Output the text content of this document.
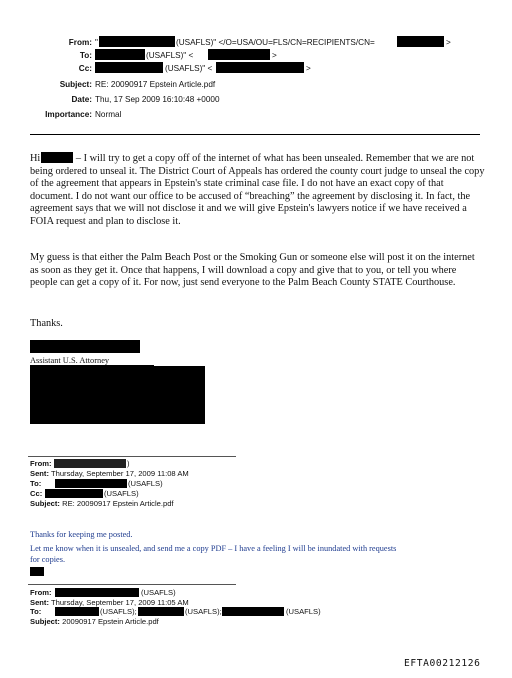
From: "	(USAFLS)" </O=USA/OU=FLS/CN=RECIPIENTS/CN=	>
To:	(USAFLS)" <	>
Cc:	(USAFLS)" <	>
Subject: RE: 20090917 Epstein Article.pdf
Date: Thu, 17 Sep 2009 16:10:48 +0000
Importance: Normal
Hi	– I will try to get a copy off of the internet of what has been unsealed. Remember that we are not being ordered to unseal it. The District Court of Appeals has ordered the county court judge to unseal the copy of the agreement that appears in Epstein's state criminal case file. I do not have an exact copy of that document. I do not want our office to be accused of “breaching” the agreement by disclosing it. In fact, the agreement says that we will not disclose it and we will give Epstein's lawyers notice if we have received a FOIA request and plan to disclose it.
My guess is that either the Palm Beach Post or the Smoking Gun or someone else will post it on the internet as soon as they get it. Once that happens, I will download a copy and give that to you, or tell you where people can get a copy of it. For now, just send everyone to the Palm Beach County STATE Courthouse.
Thanks.
Assistant U.S. Attorney
From:	)
Sent: Thursday, September 17, 2009 11:08 AM
To:	(USAFLS)
Cc:	(USAFLS)
Subject: RE: 20090917 Epstein Article.pdf
Thanks for keeping me posted.
Let me know when it is unsealed, and send me a copy PDF – I have a feeling I will be inundated with requests
for copies.
From:	(USAFLS)
Sent: Thursday, September 17, 2009 11:05 AM
To:	(USAFLS);	(USAFLS);	(USAFLS)
Subject: 20090917 Epstein Article.pdf
EFTA00212126
